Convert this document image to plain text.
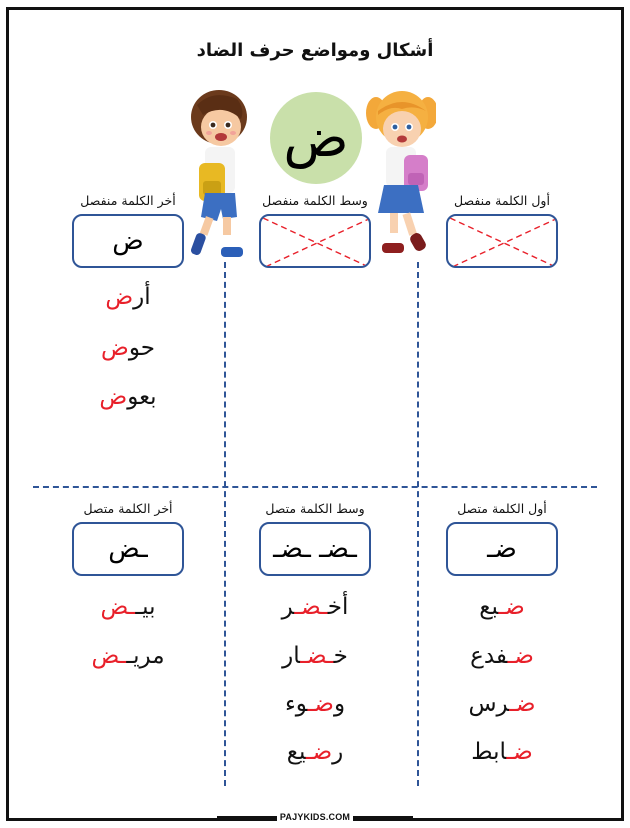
أشكال ومواضع حرف الضاد
ض
أول الكلمة منفصل
وسط الكلمة منفصل
أخر الكلمة منفصل
ض
أرض
حوض
بعوض
أول الكلمة متصل
وسط الكلمة متصل
أخر الكلمة متصل
ضـ
ـضـ ـضـ
ـض
ضـبع
ضـفدع
ضـرس
ضـابط
أخـضـر
خـضـار
وضـوء
رضـيع
بيــض
مريــض
PAJYKIDS.COM
